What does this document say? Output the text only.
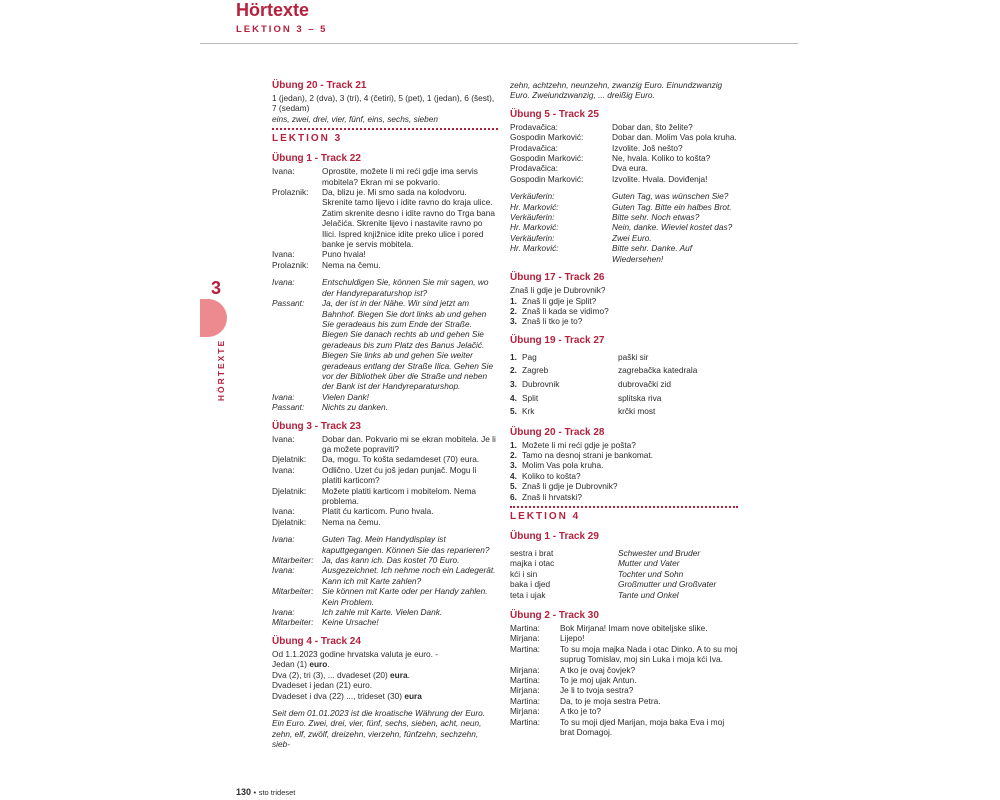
Hörtexte
LEKTION 3 – 5
3
HÖRTEXTE
Übung 20 - Track 21

1 (jedan), 2 (dva), 3 (tri), 4 (četiri), 5 (pet), 1 (jedan), 6 (šest), 7 (sedam)

eins, zwei, drei, vier, fünf, eins, sechs, sieben

LEKTION 3
Übung 1 - Track 22
Ivana:	Oprostite, možete li mi reći gdje ima servis mobitela? Ekran mi se pokvario.
Prolaznik:	Da, blizu je. Mi smo sada na kolodvoru. Skrenite tamo lijevo i idite ravno do kraja ulice. Zatim skrenite desno i idite ravno do Trga bana Jelačića. Skrenite lijevo i nastavite ravno po Ilici. Ispred knjižnice idite preko ulice i pored banke je servis mobitela.
Ivana:	Puno hvala!
Prolaznik:	Nema na čemu.
Ivana:	Entschuldigen Sie, können Sie mir sagen, wo der Handyreparaturshop ist?
Passant:	Ja, der ist in der Nähe. Wir sind jetzt am Bahnhof. Biegen Sie dort links ab und gehen Sie geradeaus bis zum Ende der Straße. Biegen Sie danach rechts ab und gehen Sie geradeaus bis zum Platz des Banus Jelačić. Biegen Sie links ab und gehen Sie weiter geradeaus entlang der Straße Ilica. Gehen Sie vor der Bibliothek über die Straße und neben der Bank ist der Handyreparaturshop.
Ivana:	Vielen Dank!
Passant:	Nichts zu danken.
Übung 3 - Track 23
Ivana:	Dobar dan. Pokvario mi se ekran mobitela. Je li ga možete popraviti?
Djelatnik:	Da, mogu. To košta sedamdeset (70) eura.
Ivana:	Odlično. Uzet ću još jedan punjač. Mogu li platiti karticom?
Djelatnik:	Možete platiti karticom i mobitelom. Nema problema.
Ivana:	Platit ću karticom. Puno hvala.
Djelatnik:	Nema na čemu.
Ivana:	Guten Tag. Mein Handydisplay ist kaputtgegangen. Können Sie das reparieren?
Mitarbeiter:	Ja, das kann ich. Das kostet 70 Euro.
Ivana:	Ausgezeichnet. Ich nehme noch ein Ladegerät. Kann ich mit Karte zahlen?
Mitarbeiter:	Sie können mit Karte oder per Handy zahlen. Kein Problem.
Ivana:	Ich zahle mit Karte. Vielen Dank.
Mitarbeiter:	Keine Ursache!
Übung 4 - Track 24

Od 1.1.2023 godine hrvatska valuta je euro. -

Jedan (1) euro.

Dva (2), tri (3), ... dvadeset (20) eura.

Dvadeset i jedan (21) euro.

Dvadeset i dva (22) ..., trideset (30) eura

Seit dem 01.01.2023 ist die kroatische Währung der Euro. Ein Euro. Zwei, drei, vier, fünf, sechs, sieben, acht, neun, zehn, elf, zwölf, dreizehn, vierzehn, fünfzehn, sechzehn, sieb-

zehn, achtzehn, neunzehn, zwanzig Euro. Einundzwanzig Euro. Zweiundzwanzig, ... dreißig Euro.

Übung 5 - Track 25
Prodavačica:	Dobar dan, što želite?
Gospodin Marković:	Dobar dan. Molim Vas pola kruha.
Prodavačica:	Izvolite. Još nešto?
Gospodin Marković:	Ne, hvala. Koliko to košta?
Prodavačica:	Dva eura.
Gospodin Marković:	Izvolite. Hvala. Doviđenja!
Verkäuferin:	Guten Tag, was wünschen Sie?
Hr. Marković:	Guten Tag. Bitte ein halbes Brot.
Verkäuferin:	Bitte sehr. Noch etwas?
Hr. Marković:	Nein, danke. Wieviel kostet das?
Verkäuferin:	Zwei Euro.
Hr. Marković:	Bitte sehr. Danke. Auf Wiedersehen!
Übung 17 - Track 26

Znaš li gdje je Dubrovnik?

1. Znaš li gdje je Split?
2. Znaš li kada se vidimo?
3. Znaš li tko je to?
Übung 19 - Track 27
1. Pag	paški sir
2. Zagreb	zagrebačka katedrala
3. Dubrovnik	dubrovački zid
4. Split	splitska riva
5. Krk	krčki most
Übung 20 - Track 28
1. Možete li mi reći gdje je pošta?
2. Tamo na desnoj strani je bankomat.
3. Molim Vas pola kruha.
4. Koliko to košta?
5. Znaš li gdje je Dubrovnik?
6. Znaš li hrvatski?
LEKTION 4
Übung 1 - Track 29
sestra i brat	Schwester und Bruder
majka i otac	Mutter und Vater
kći i sin	Tochter und Sohn
baka i djed	Großmutter und Großvater
teta i ujak	Tante und Onkel
Übung 2 - Track 30
Martina:	Bok Mirjana! Imam nove obiteljske slike.
Mirjana:	Lijepo!
Martina:	To su moja majka Nada i otac Dinko. A to su moj suprug Tomislav, moj sin Luka i moja kći Iva.
Mirjana:	A tko je ovaj čovjek?
Martina:	To je moj ujak Antun.
Mirjana:	Je li to tvoja sestra?
Martina:	Da, to je moja sestra Petra.
Mirjana:	A tko je to?
Martina:	To su moji djed Marijan, moja baka Eva i moj brat Domagoj.
130 • sto trideset
